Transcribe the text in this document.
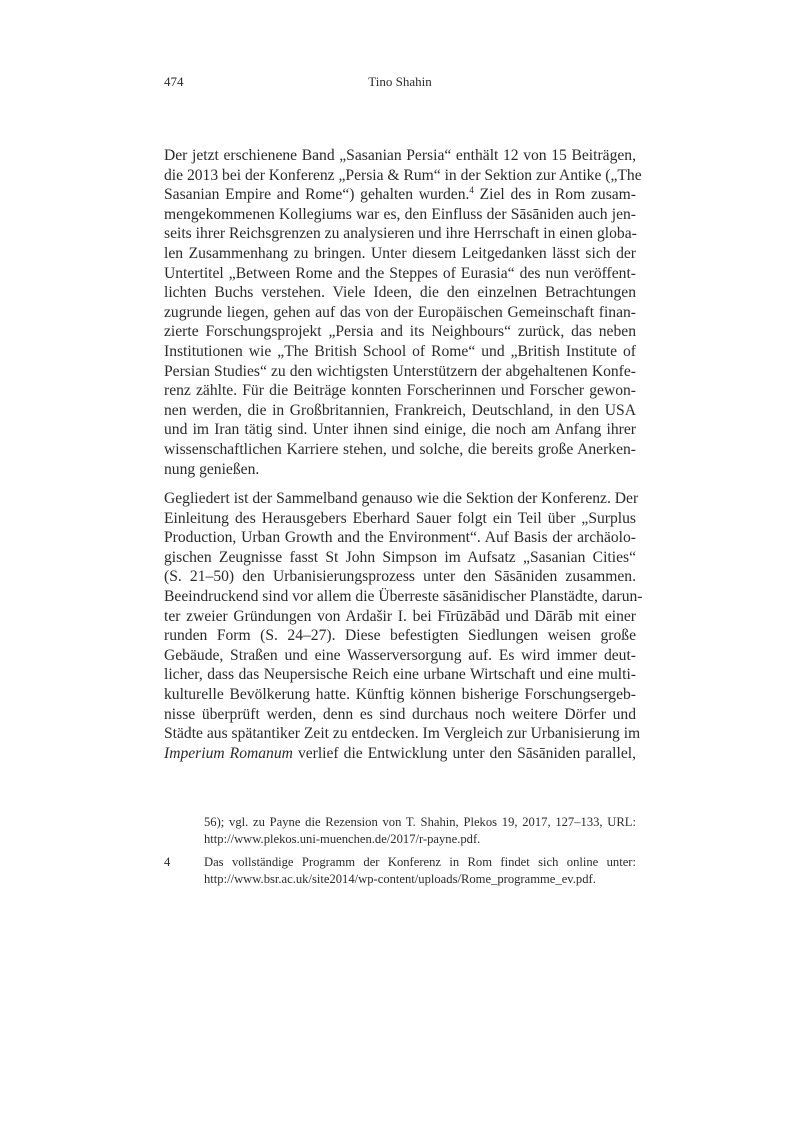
474	Tino Shahin

Der jetzt erschienene Band „Sasanian Persia“ enthält 12 von 15 Beiträgen,
die 2013 bei der Konferenz „Persia & Rum“ in der Sektion zur Antike („The
Sasanian Empire and Rome“) gehalten wurden.$^4$ Ziel des in Rom zusam-
mengekommenen Kollegiums war es, den Einfluss der Sāsāniden auch jen-
seits ihrer Reichsgrenzen zu analysieren und ihre Herrschaft in einen globa-
len Zusammenhang zu bringen. Unter diesem Leitgedanken lässt sich der
Untertitel „Between Rome and the Steppes of Eurasia“ des nun veröffent-
lichten Buchs verstehen. Viele Ideen, die den einzelnen Betrachtungen
zugrunde liegen, gehen auf das von der Europäischen Gemeinschaft finan-
zierte Forschungsprojekt „Persia and its Neighbours“ zurück, das neben
Institutionen wie „The British School of Rome“ und „British Institute of
Persian Studies“ zu den wichtigsten Unterstützern der abgehaltenen Konfe-
renz zählte. Für die Beiträge konnten Forscherinnen und Forscher gewon-
nen werden, die in Großbritannien, Frankreich, Deutschland, in den USA
und im Iran tätig sind. Unter ihnen sind einige, die noch am Anfang ihrer
wissenschaftlichen Karriere stehen, und solche, die bereits große Anerken-
nung genießen.

Gegliedert ist der Sammelband genauso wie die Sektion der Konferenz. Der
Einleitung des Herausgebers Eberhard Sauer folgt ein Teil über „Surplus
Production, Urban Growth and the Environment“. Auf Basis der archäolo-
gischen Zeugnisse fasst St John Simpson im Aufsatz „Sasanian Cities“
(S. 21–50) den Urbanisierungsprozess unter den Sāsāniden zusammen.
Beeindruckend sind vor allem die Überreste sāsānidischer Planstädte, darun-
ter zweier Gründungen von Ardašir I. bei Fīrūzābād und Dārāb mit einer
runden Form (S. 24–27). Diese befestigten Siedlungen weisen große
Gebäude, Straßen und eine Wasserversorgung auf. Es wird immer deut-
licher, dass das Neupersische Reich eine urbane Wirtschaft und eine multi-
kulturelle Bevölkerung hatte. Künftig können bisherige Forschungsergeb-
nisse überprüft werden, denn es sind durchaus noch weitere Dörfer und
Städte aus spätantiker Zeit zu entdecken. Im Vergleich zur Urbanisierung im
Imperium Romanum verlief die Entwicklung unter den Sāsāniden parallel,

56); vgl. zu Payne die Rezension von T. Shahin, Plekos 19, 2017, 127–133, URL:
http://www.plekos.uni-muenchen.de/2017/r-payne.pdf.
4	Das vollständige Programm der Konferenz in Rom findet sich online unter:
http://www.bsr.ac.uk/site2014/wp-content/uploads/Rome_programme_ev.pdf.
